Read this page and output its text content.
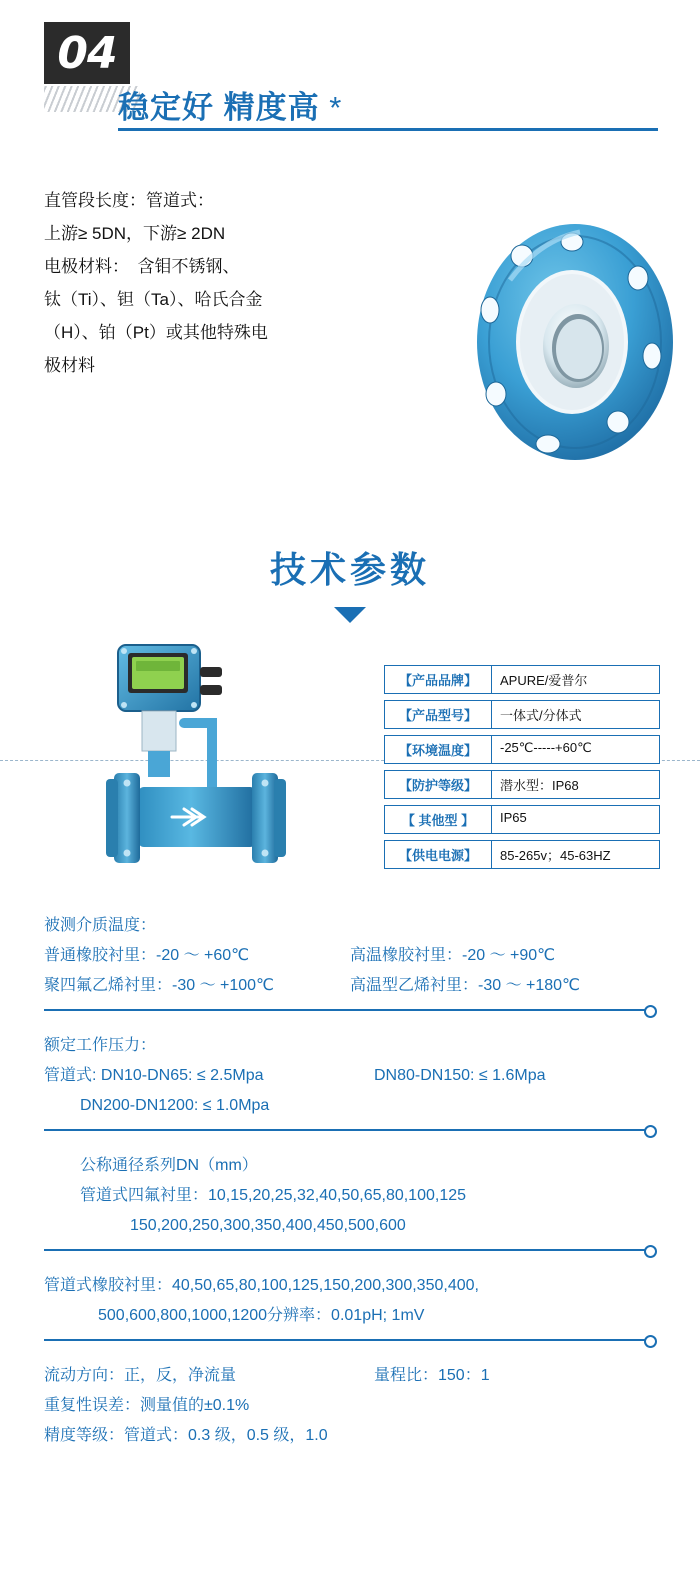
04
稳定好 精度高 *
直管段长度：管道式：
上游≥ 5DN，下游≥ 2DN
电极材料：　含钼不锈钢、
钛（Ti）、钽（Ta）、哈氏合金
（H）、铂（Pt）或其他特殊电
极材料
技术参数
【产品品牌】	APURE/爱普尔
【产品型号】	一体式/分体式
【环境温度】	-25℃-----+60℃
【防护等级】	潜水型：IP68
【 其他型 】	IP65
【供电电源】	85-265v；45-63HZ
被测介质温度：
普通橡胶衬里：-20 ～ +60℃	高温橡胶衬里：-20 ～ +90℃
聚四氟乙烯衬里：-30 ～ +100℃	高温型乙烯衬里：-30 ～ +180℃
额定工作压力：
管道式: DN10-DN65: ≤ 2.5Mpa	DN80-DN150: ≤ 1.6Mpa
DN200-DN1200: ≤ 1.0Mpa
公称通径系列DN（mm）
管道式四氟衬里：10,15,20,25,32,40,50,65,80,100,125
150,200,250,300,350,400,450,500,600
管道式橡胶衬里：40,50,65,80,100,125,150,200,300,350,400,
500,600,800,1000,1200分辨率：0.01pH; 1mV
流动方向：正，反，净流量	量程比：150：1
重复性误差：测量值的±0.1%
精度等级：管道式：0.3 级，0.5 级，1.0
